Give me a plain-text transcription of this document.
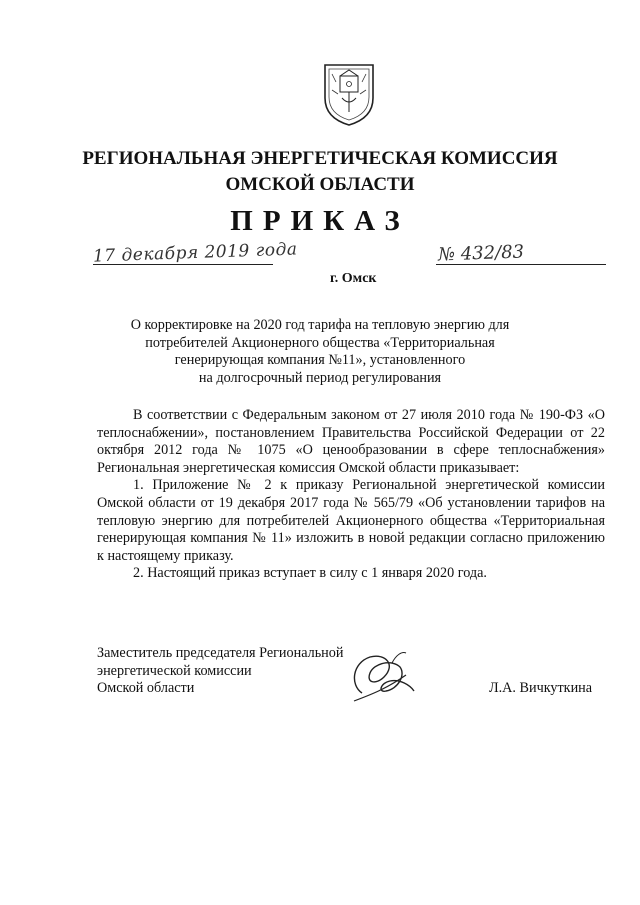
РЕГИОНАЛЬНАЯ ЭНЕРГЕТИЧЕСКАЯ КОМИССИЯ
ОМСКОЙ ОБЛАСТИ
ПРИКАЗ
17 декабря 2019 года
г. Омск
№ 432/83
О корректировке на 2020 год тарифа на тепловую энергию для
потребителей Акционерного общества «Территориальная
генерирующая компания №11», установленного
на долгосрочный период регулирования

В соответствии с Федеральным законом от 27 июля 2010 года № 190-ФЗ «О теплоснабжении», постановлением Правительства Российской Федерации от 22 октября 2012 года № 1075 «О ценообразовании в сфере теплоснабжения» Региональная энергетическая комиссия Омской области приказывает:

1. Приложение № 2 к приказу Региональной энергетической комиссии Омской области от 19 декабря 2017 года № 565/79 «Об установлении тарифов на тепловую энергию для потребителей Акционерного общества «Территориальная генерирующая компания № 11» изложить в новой редакции согласно приложению к настоящему приказу.

2. Настоящий приказ вступает в силу с 1 января 2020 года.

Заместитель председателя Региональной
энергетической комиссии
Омской области	Л.А. Вичкуткина
